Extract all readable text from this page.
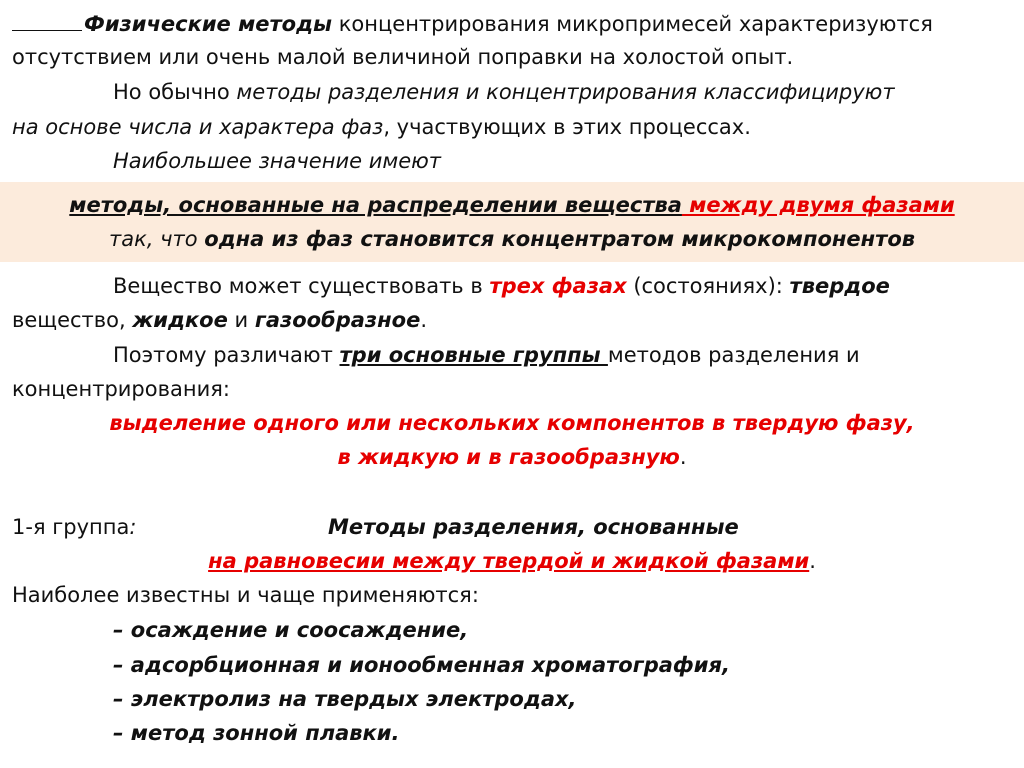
Физические методы концентрирования микропримесей характеризуются
отсутствием или очень малой величиной поправки на холостой опыт.
Но обычно методы разделения и концентрирования классифицируют
на основе числа и характера фаз, участвующих в этих процессах.
Наибольшее значение имеют
методы, основанные на распределении вещества между двумя фазами
так, что одна из фаз становится концентратом микрокомпонентов
Вещество может существовать в трех фазах (состояниях): твердое
вещество, жидкое и газообразное.
Поэтому различают три основные группы методов разделения и
концентрирования:
выделение одного или нескольких компонентов в твердую фазу,
в жидкую и в газообразную.
1-я группа:	Методы разделения, основанные
на равновесии между твердой и жидкой фазами.
Наиболее известны и чаще применяются:
– осаждение и соосаждение,
– адсорбционная и ионообменная хроматография,
– электролиз на твердых электродах,
– метод зонной плавки.
